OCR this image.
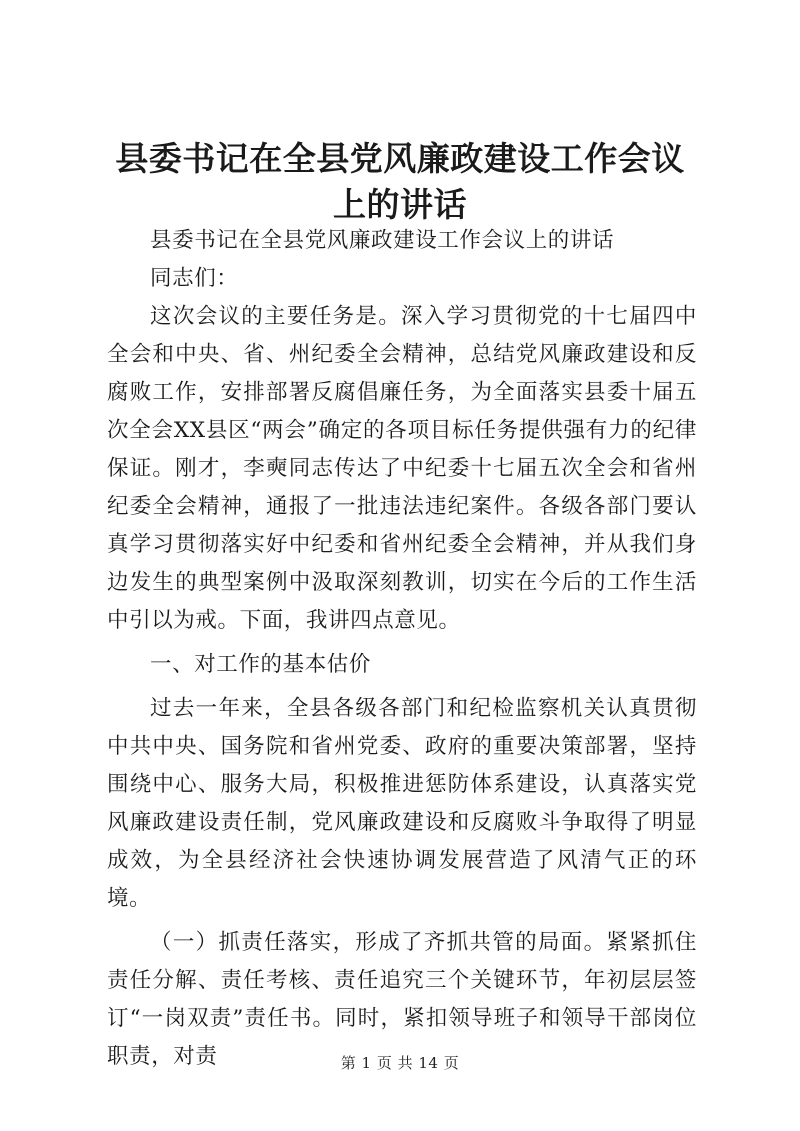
县委书记在全县党风廉政建设工作会议上的讲话

县委书记在全县党风廉政建设工作会议上的讲话

同志们：

这次会议的主要任务是。深入学习贯彻党的十七届四中全会和中央、省、州纪委全会精神，总结党风廉政建设和反腐败工作，安排部署反腐倡廉任务，为全面落实县委十届五次全会XX县区“两会”确定的各项目标任务提供强有力的纪律保证。刚才，李奭同志传达了中纪委十七届五次全会和省州纪委全会精神，通报了一批违法违纪案件。各级各部门要认真学习贯彻落实好中纪委和省州纪委全会精神，并从我们身边发生的典型案例中汲取深刻教训，切实在今后的工作生活中引以为戒。下面，我讲四点意见。

一、对工作的基本估价

过去一年来，全县各级各部门和纪检监察机关认真贯彻中共中央、国务院和省州党委、政府的重要决策部署，坚持围绕中心、服务大局，积极推进惩防体系建设，认真落实党风廉政建设责任制，党风廉政建设和反腐败斗争取得了明显成效，为全县经济社会快速协调发展营造了风清气正的环境。

（一）抓责任落实，形成了齐抓共管的局面。紧紧抓住责任分解、责任考核、责任追究三个关键环节，年初层层签订“一岗双责”责任书。同时，紧扣领导班子和领导干部岗位职责，对责	第 1 页 共 14 页
